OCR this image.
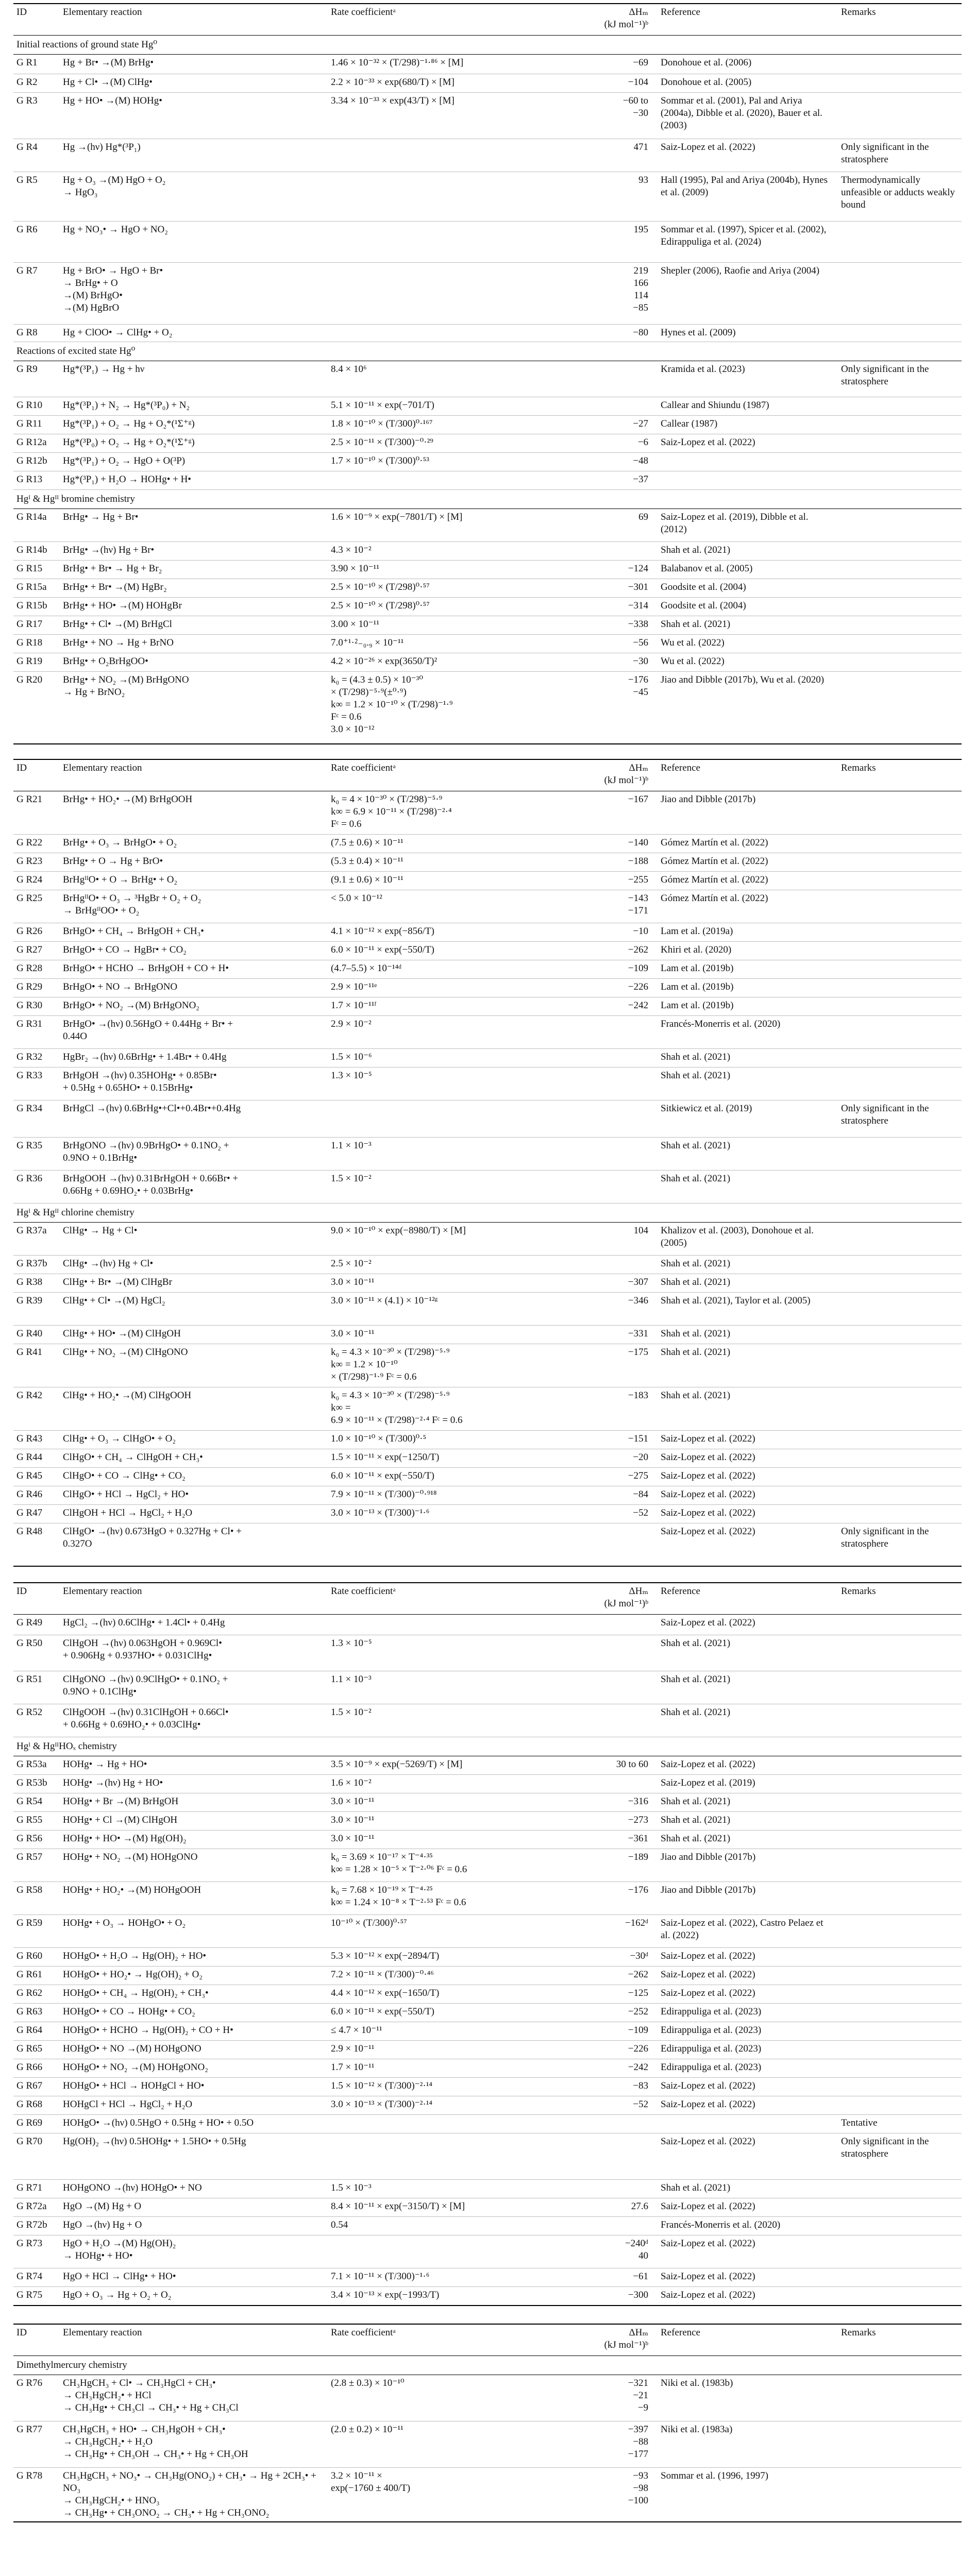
ID	Elementary reaction	Rate coefficientᵃ	ΔHₘ
(kJ mol⁻¹)ᵇ	Reference	Remarks
Initial reactions of ground state Hg⁰					
G R1	Hg + Br• →(M) BrHg•	1.46 × 10⁻³² × (T/298)⁻¹·⁸⁶ × [M]	−69	Donohoue et al. (2006)	
G R2	Hg + Cl• →(M) ClHg•	2.2 × 10⁻³³ × exp(680/T) × [M]	−104	Donohoue et al. (2005)	
G R3	Hg + HO• →(M) HOHg•	3.34 × 10⁻³³ × exp(43/T) × [M]	−60 to
−30	Sommar et al. (2001), Pal and Ariya (2004a), Dibble et al. (2020), Bauer et al. (2003)	
G R4	Hg →(hν) Hg*(³P₁)		471	Saiz-Lopez et al. (2022)	Only significant in the stratosphere
G R5	Hg + O₃ →(M) HgO + O₂
→ HgO₃		93	Hall (1995), Pal and Ariya (2004b), Hynes et al. (2009)	Thermodynamically unfeasible or adducts weakly bound
G R6	Hg + NO₃• → HgO + NO₂		195	Sommar et al. (1997), Spicer et al. (2002), Edirappuliga et al. (2024)	
G R7	Hg + BrO• → HgO + Br•
→ BrHg• + O
→(M) BrHgO•
→(M) HgBrO		219
166
114
−85	Shepler (2006), Raofie and Ariya (2004)	
G R8	Hg + ClOO• → ClHg• + O₂		−80	Hynes et al. (2009)	
Reactions of excited state Hg⁰					
G R9	Hg*(³P₁) → Hg + hν	8.4 × 10⁶		Kramida et al. (2023)	Only significant in the stratosphere
G R10	Hg*(³P₁) + N₂ → Hg*(³P₀) + N₂	5.1 × 10⁻¹¹ × exp(−701/T)		Callear and Shiundu (1987)	
G R11	Hg*(³P₁) + O₂ → Hg + O₂*(¹Σ⁺ᵍ)	1.8 × 10⁻¹⁰ × (T/300)⁰·¹⁶⁷	−27	Callear (1987)	
G R12a	Hg*(³P₀) + O₂ → Hg + O₂*(¹Σ⁺ᵍ)	2.5 × 10⁻¹¹ × (T/300)⁻⁰·²⁹	−6	Saiz-Lopez et al. (2022)	
G R12b	Hg*(³P₁) + O₂ → HgO + O(³P)	1.7 × 10⁻¹⁰ × (T/300)⁰·⁵³	−48		
G R13	Hg*(³P₁) + H₂O → HOHg• + H•		−37		
Hgᴵ & Hgᴵᴵ bromine chemistry					
G R14a	BrHg• → Hg + Br•	1.6 × 10⁻⁹ × exp(−7801/T) × [M]	69	Saiz-Lopez et al. (2019), Dibble et al. (2012)	
G R14b	BrHg• →(hν) Hg + Br•	4.3 × 10⁻²		Shah et al. (2021)	
G R15	BrHg• + Br• → Hg + Br₂	3.90 × 10⁻¹¹	−124	Balabanov et al. (2005)	
G R15a	BrHg• + Br• →(M) HgBr₂	2.5 × 10⁻¹⁰ × (T/298)⁰·⁵⁷	−301	Goodsite et al. (2004)	
G R15b	BrHg• + HO• →(M) HOHgBr	2.5 × 10⁻¹⁰ × (T/298)⁰·⁵⁷	−314	Goodsite et al. (2004)	
G R17	BrHg• + Cl• →(M) BrHgCl	3.00 × 10⁻¹¹	−338	Shah et al. (2021)	
G R18	BrHg• + NO → Hg + BrNO	7.0⁺¹·⁲₋₀.₉ × 10⁻¹¹	−56	Wu et al. (2022)	
G R19	BrHg• + O₂BrHgOO•	4.2 × 10⁻²⁶ × exp(3650/T)²	−30	Wu et al. (2022)	
G R20	BrHg• + NO₂ →(M) BrHgONO
→ Hg + BrNO₂	k₀ = (4.3 ± 0.5) × 10⁻³⁰
× (T/298)⁻⁵·⁹(±⁰·⁹)
k∞ = 1.2 × 10⁻¹⁰ × (T/298)⁻¹·⁹
Fᶜ = 0.6
3.0 × 10⁻¹²	−176
−45	Jiao and Dibble (2017b), Wu et al. (2020)	
ID	Elementary reaction	Rate coefficientᵃ	ΔHₘ
(kJ mol⁻¹)ᵇ	Reference	Remarks
G R21	BrHg• + HO₂• →(M) BrHgOOH	k₀ = 4 × 10⁻³⁰ × (T/298)⁻⁵·⁹
k∞ = 6.9 × 10⁻¹¹ × (T/298)⁻²·⁴
Fᶜ = 0.6	−167	Jiao and Dibble (2017b)	
G R22	BrHg• + O₃ → BrHgO• + O₂	(7.5 ± 0.6) × 10⁻¹¹	−140	Gómez Martín et al. (2022)	
G R23	BrHg• + O → Hg + BrO•	(5.3 ± 0.4) × 10⁻¹¹	−188	Gómez Martín et al. (2022)	
G R24	BrHgᴵᴵO• + O → BrHg• + O₂	(9.1 ± 0.6) × 10⁻¹¹	−255	Gómez Martín et al. (2022)	
G R25	BrHgᴵᴵO• + O₃ → ³HgBr + O₂ + O₂
→ BrHgᴵᴵOO• + O₂	< 5.0 × 10⁻¹²	−143
−171	Gómez Martín et al. (2022)	
G R26	BrHgO• + CH₄ → BrHgOH + CH₃•	4.1 × 10⁻¹² × exp(−856/T)	−10	Lam et al. (2019a)	
G R27	BrHgO• + CO → HgBr• + CO₂	6.0 × 10⁻¹¹ × exp(−550/T)	−262	Khiri et al. (2020)	
G R28	BrHgO• + HCHO → BrHgOH + CO + H•	(4.7–5.5) × 10⁻¹⁴ᵈ	−109	Lam et al. (2019b)	
G R29	BrHgO• + NO → BrHgONO	2.9 × 10⁻¹¹ᵉ	−226	Lam et al. (2019b)	
G R30	BrHgO• + NO₂ →(M) BrHgONO₂	1.7 × 10⁻¹¹ᶠ	−242	Lam et al. (2019b)	
G R31	BrHgO• →(hν) 0.56HgO + 0.44Hg + Br• +
0.44O	2.9 × 10⁻²		Francés-Monerris et al. (2020)	
G R32	HgBr₂ →(hν) 0.6BrHg• + 1.4Br• + 0.4Hg	1.5 × 10⁻⁶		Shah et al. (2021)	
G R33	BrHgOH →(hν) 0.35HOHg• + 0.85Br•
+ 0.5Hg + 0.65HO• + 0.15BrHg•	1.3 × 10⁻⁵		Shah et al. (2021)	
G R34	BrHgCl →(hν) 0.6BrHg•+Cl•+0.4Br•+0.4Hg			Sitkiewicz et al. (2019)	Only significant in the stratosphere
G R35	BrHgONO →(hν) 0.9BrHgO• + 0.1NO₂ +
0.9NO + 0.1BrHg•	1.1 × 10⁻³		Shah et al. (2021)	
G R36	BrHgOOH →(hν) 0.31BrHgOH + 0.66Br• +
0.66Hg + 0.69HO₂• + 0.03BrHg•	1.5 × 10⁻²		Shah et al. (2021)	
Hgᴵ & Hgᴵᴵ chlorine chemistry					
G R37a	ClHg• → Hg + Cl•	9.0 × 10⁻¹⁰ × exp(−8980/T) × [M]	104	Khalizov et al. (2003), Donohoue et al. (2005)	
G R37b	ClHg• →(hν) Hg + Cl•	2.5 × 10⁻²		Shah et al. (2021)	
G R38	ClHg• + Br• →(M) ClHgBr	3.0 × 10⁻¹¹	−307	Shah et al. (2021)	
G R39	ClHg• + Cl• →(M) HgCl₂	3.0 × 10⁻¹¹ × (4.1) × 10⁻¹²ᵍ	−346	Shah et al. (2021), Taylor et al. (2005)	
G R40	ClHg• + HO• →(M) ClHgOH	3.0 × 10⁻¹¹	−331	Shah et al. (2021)	
G R41	ClHg• + NO₂ →(M) ClHgONO	k₀ = 4.3 × 10⁻³⁰ × (T/298)⁻⁵·⁹
k∞ = 1.2 × 10⁻¹⁰
× (T/298)⁻¹·⁹ Fᶜ = 0.6	−175	Shah et al. (2021)	
G R42	ClHg• + HO₂• →(M) ClHgOOH	k₀ = 4.3 × 10⁻³⁰ × (T/298)⁻⁵·⁹
k∞ =
6.9 × 10⁻¹¹ × (T/298)⁻²·⁴ Fᶜ = 0.6	−183	Shah et al. (2021)	
G R43	ClHg• + O₃ → ClHgO• + O₂	1.0 × 10⁻¹⁰ × (T/300)⁰·⁵	−151	Saiz-Lopez et al. (2022)	
G R44	ClHgO• + CH₄ → ClHgOH + CH₃•	1.5 × 10⁻¹¹ × exp(−1250/T)	−20	Saiz-Lopez et al. (2022)	
G R45	ClHgO• + CO → ClHg• + CO₂	6.0 × 10⁻¹¹ × exp(−550/T)	−275	Saiz-Lopez et al. (2022)	
G R46	ClHgO• + HCl → HgCl₂ + HO•	7.9 × 10⁻¹¹ × (T/300)⁻⁰·⁹¹⁸	−84	Saiz-Lopez et al. (2022)	
G R47	ClHgOH + HCl → HgCl₂ + H₂O	3.0 × 10⁻¹³ × (T/300)⁻¹·⁶	−52	Saiz-Lopez et al. (2022)	
G R48	ClHgO• →(hν) 0.673HgO + 0.327Hg + Cl• +
0.327O			Saiz-Lopez et al. (2022)	Only significant in the stratosphere
ID	Elementary reaction	Rate coefficientᵃ	ΔHₘ
(kJ mol⁻¹)ᵇ	Reference	Remarks
G R49	HgCl₂ →(hν) 0.6ClHg• + 1.4Cl• + 0.4Hg			Saiz-Lopez et al. (2022)	
G R50	ClHgOH →(hν) 0.063HgOH + 0.969Cl•
+ 0.906Hg + 0.937HO• + 0.031ClHg•	1.3 × 10⁻⁵		Shah et al. (2021)	
G R51	ClHgONO →(hν) 0.9ClHgO• + 0.1NO₂ +
0.9NO + 0.1ClHg•	1.1 × 10⁻³		Shah et al. (2021)	
G R52	ClHgOOH →(hν) 0.31ClHgOH + 0.66Cl•
+ 0.66Hg + 0.69HO₂• + 0.03ClHg•	1.5 × 10⁻²		Shah et al. (2021)	
Hgᴵ & HgᴵᴵHOₓ chemistry					
G R53a	HOHg• → Hg + HO•	3.5 × 10⁻⁹ × exp(−5269/T) × [M]	30 to 60	Saiz-Lopez et al. (2022)	
G R53b	HOHg• →(hν) Hg + HO•	1.6 × 10⁻²		Saiz-Lopez et al. (2019)	
G R54	HOHg• + Br →(M) BrHgOH	3.0 × 10⁻¹¹	−316	Shah et al. (2021)	
G R55	HOHg• + Cl →(M) ClHgOH	3.0 × 10⁻¹¹	−273	Shah et al. (2021)	
G R56	HOHg• + HO• →(M) Hg(OH)₂	3.0 × 10⁻¹¹	−361	Shah et al. (2021)	
G R57	HOHg• + NO₂ →(M) HOHgONO	k₀ = 3.69 × 10⁻¹⁷ × T⁻⁴·³⁵
k∞ = 1.28 × 10⁻⁵ × T⁻²·⁰⁶ Fᶜ = 0.6	−189	Jiao and Dibble (2017b)	
G R58	HOHg• + HO₂• →(M) HOHgOOH	k₀ = 7.68 × 10⁻¹⁹ × T⁻⁴·²⁵
k∞ = 1.24 × 10⁻⁸ × T⁻²·⁵³ Fᶜ = 0.6	−176	Jiao and Dibble (2017b)	
G R59	HOHg• + O₃ → HOHgO• + O₂	10⁻¹⁰ × (T/300)⁰·⁵⁷	−162ᵈ	Saiz-Lopez et al. (2022), Castro Pelaez et al. (2022)	
G R60	HOHgO• + H₂O → Hg(OH)₂ + HO•	5.3 × 10⁻¹² × exp(−2894/T)	−30ᵈ	Saiz-Lopez et al. (2022)	
G R61	HOHgO• + HO₂• → Hg(OH)₂ + O₂	7.2 × 10⁻¹¹ × (T/300)⁻⁰·⁴⁶	−262	Saiz-Lopez et al. (2022)	
G R62	HOHgO• + CH₄ → Hg(OH)₂ + CH₃•	4.4 × 10⁻¹² × exp(−1650/T)	−125	Saiz-Lopez et al. (2022)	
G R63	HOHgO• + CO → HOHg• + CO₂	6.0 × 10⁻¹¹ × exp(−550/T)	−252	Edirappuliga et al. (2023)	
G R64	HOHgO• + HCHO → Hg(OH)₂ + CO + H•	≤ 4.7 × 10⁻¹¹	−109	Edirappuliga et al. (2023)	
G R65	HOHgO• + NO →(M) HOHgONO	2.9 × 10⁻¹¹	−226	Edirappuliga et al. (2023)	
G R66	HOHgO• + NO₂ →(M) HOHgONO₂	1.7 × 10⁻¹¹	−242	Edirappuliga et al. (2023)	
G R67	HOHgO• + HCl → HOHgCl + HO•	1.5 × 10⁻¹² × (T/300)⁻²·¹⁴	−83	Saiz-Lopez et al. (2022)	
G R68	HOHgCl + HCl → HgCl₂ + H₂O	3.0 × 10⁻¹³ × (T/300)⁻²·¹⁴	−52	Saiz-Lopez et al. (2022)	
G R69	HOHgO• →(hν) 0.5HgO + 0.5Hg + HO• + 0.5O				Tentative
G R70	Hg(OH)₂ →(hν) 0.5HOHg• + 1.5HO• + 0.5Hg			Saiz-Lopez et al. (2022)	Only significant in the stratosphere
G R71	HOHgONO →(hν) HOHgO• + NO	1.5 × 10⁻³		Shah et al. (2021)	
G R72a	HgO →(M) Hg + O	8.4 × 10⁻¹¹ × exp(−3150/T) × [M]	27.6	Saiz-Lopez et al. (2022)	
G R72b	HgO →(hν) Hg + O	0.54		Francés-Monerris et al. (2020)	
G R73	HgO + H₂O →(M) Hg(OH)₂
→ HOHg• + HO•		−240ᵈ
40	Saiz-Lopez et al. (2022)	
G R74	HgO + HCl → ClHg• + HO•	7.1 × 10⁻¹¹ × (T/300)⁻¹·⁶	−61	Saiz-Lopez et al. (2022)	
G R75	HgO + O₃ → Hg + O₂ + O₂	3.4 × 10⁻¹³ × exp(−1993/T)	−300	Saiz-Lopez et al. (2022)	
ID	Elementary reaction	Rate coefficientᵃ	ΔHₘ
(kJ mol⁻¹)ᵇ	Reference	Remarks
Dimethylmercury chemistry					
G R76	CH₃HgCH₃ + Cl• → CH₃HgCl + CH₃•
→ CH₃HgCH₂• + HCl
→ CH₃Hg• + CH₃Cl → CH₃• + Hg + CH₃Cl	(2.8 ± 0.3) × 10⁻¹⁰	−321
−21
−9	Niki et al. (1983b)	
G R77	CH₃HgCH₃ + HO• → CH₃HgOH + CH₃•
→ CH₃HgCH₂• + H₂O
→ CH₃Hg• + CH₃OH → CH₃• + Hg + CH₃OH	(2.0 ± 0.2) × 10⁻¹¹	−397
−88
−177	Niki et al. (1983a)	
G R78	CH₃HgCH₃ + NO₃• → CH₃Hg(ONO₂) + CH₃• → Hg + 2CH₃• + NO₃
→ CH₃HgCH₂• + HNO₃
→ CH₃Hg• + CH₃ONO₂ → CH₃• + Hg + CH₃ONO₂	3.2 × 10⁻¹¹ ×
exp(−1760 ± 400/T)	−93
−98
−100	Sommar et al. (1996, 1997)	
